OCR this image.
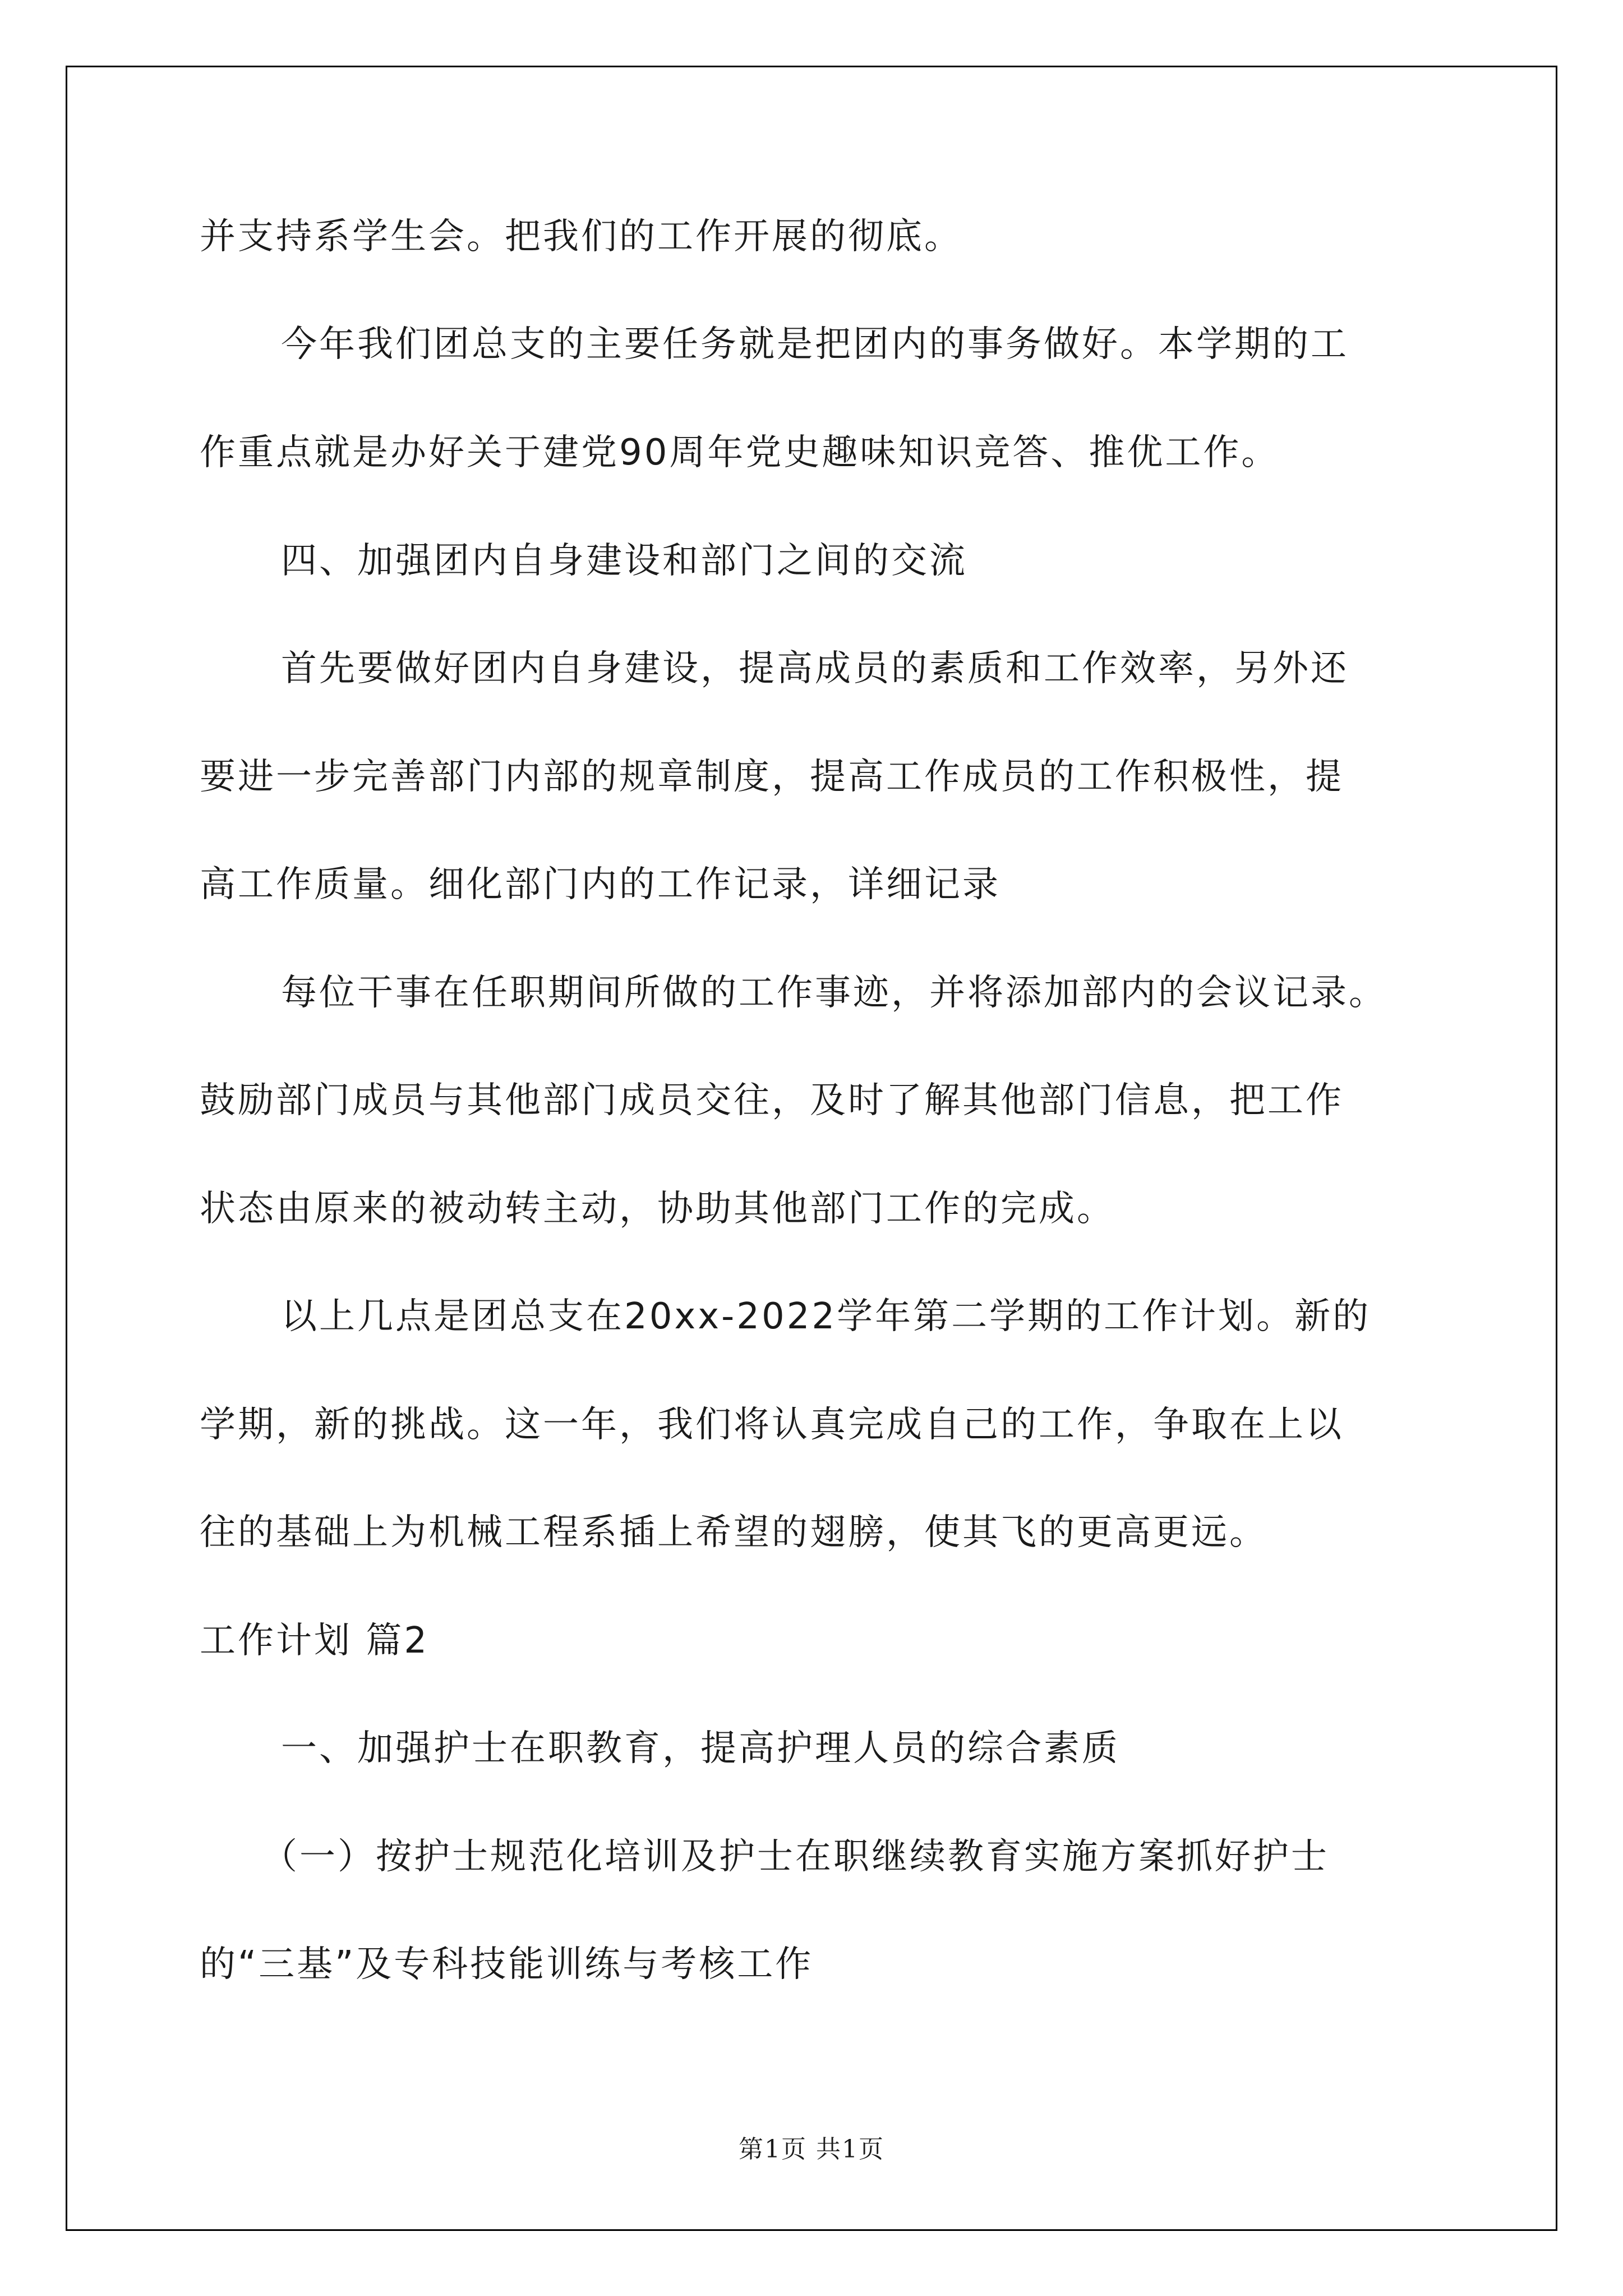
并支持系学生会。把我们的工作开展的彻底。
今年我们团总支的主要任务就是把团内的事务做好。本学期的工
作重点就是办好关于建党90周年党史趣味知识竞答、推优工作。
四、加强团内自身建设和部门之间的交流
首先要做好团内自身建设，提高成员的素质和工作效率，另外还
要进一步完善部门内部的规章制度，提高工作成员的工作积极性，提
高工作质量。细化部门内的工作记录，详细记录
每位干事在任职期间所做的工作事迹，并将添加部内的会议记录。
鼓励部门成员与其他部门成员交往，及时了解其他部门信息，把工作
状态由原来的被动转主动，协助其他部门工作的完成。
以上几点是团总支在20xx-2022学年第二学期的工作计划。新的
学期，新的挑战。这一年，我们将认真完成自己的工作，争取在上以
往的基础上为机械工程系插上希望的翅膀，使其飞的更高更远。
工作计划 篇2
一、加强护士在职教育，提高护理人员的综合素质
（一）按护士规范化培训及护士在职继续教育实施方案抓好护士
的“三基”及专科技能训练与考核工作
第1页 共1页
